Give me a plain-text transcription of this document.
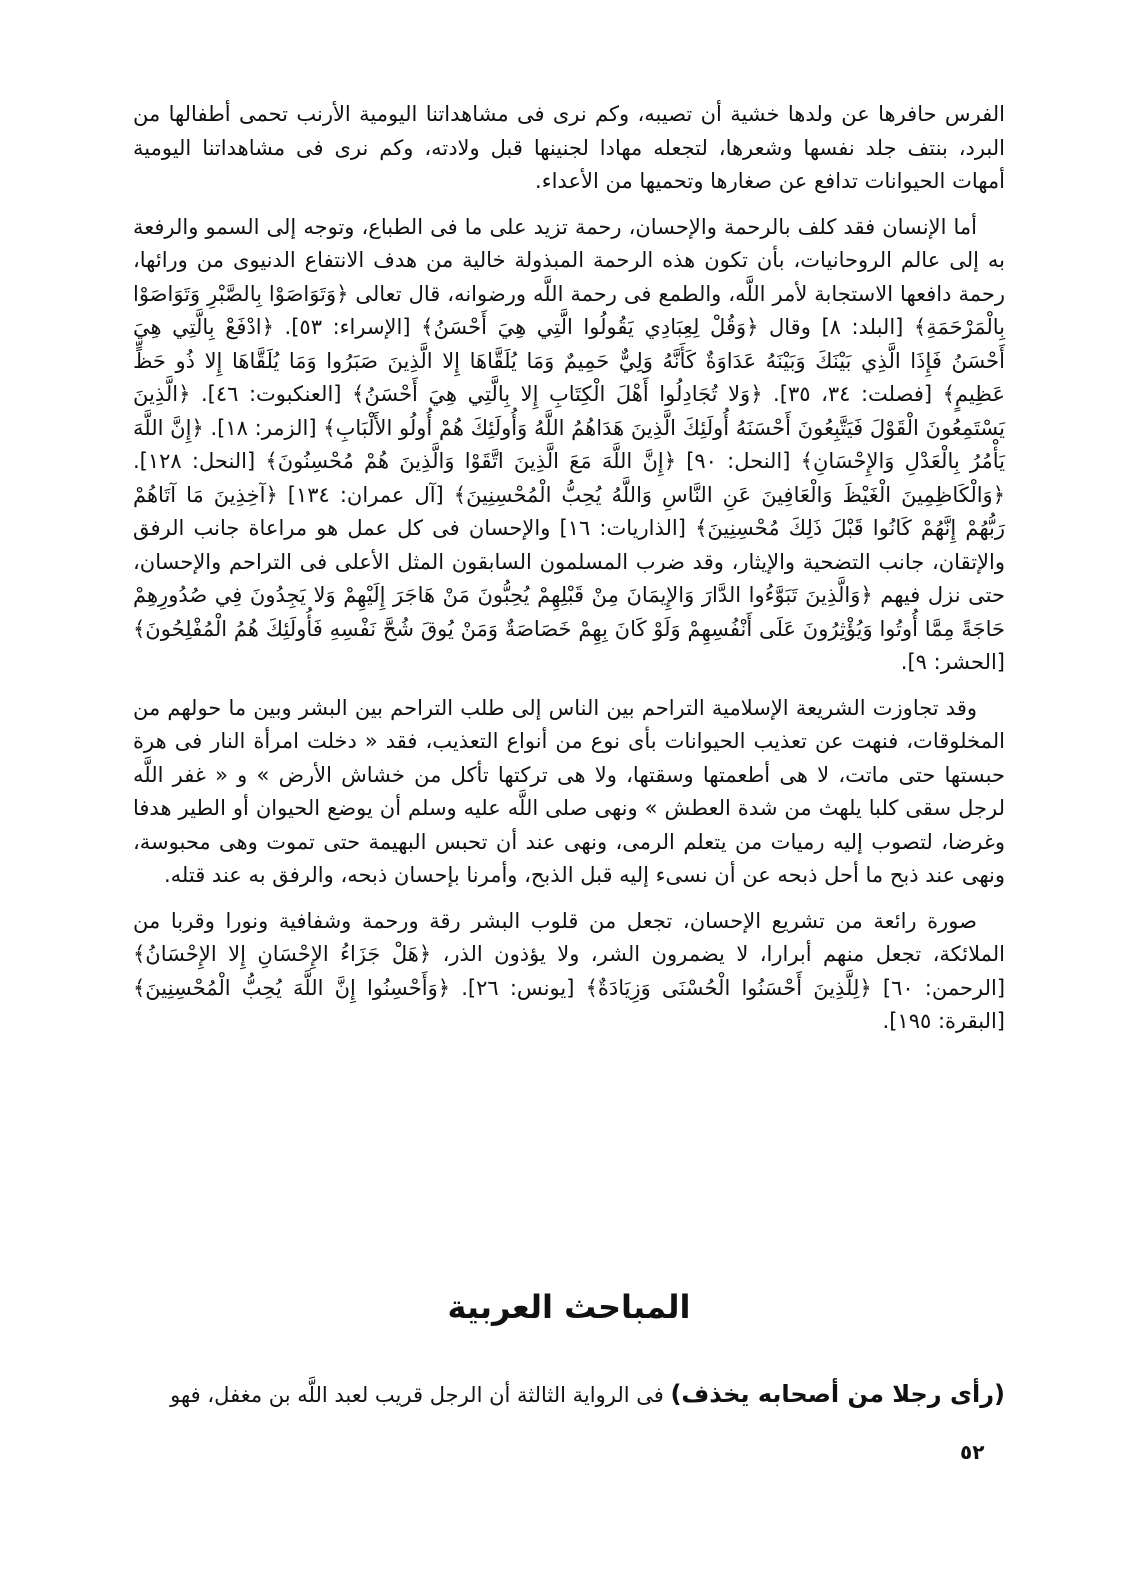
الفرس حافرها عن ولدها خشية أن تصيبه، وكم نرى فى مشاهداتنا اليومية الأرنب تحمى أطفالها من البرد، بنتف جلد نفسها وشعرها، لتجعله مهادا لجنينها قبل ولادته، وكم نرى فى مشاهداتنا اليومية أمهات الحيوانات تدافع عن صغارها وتحميها من الأعداء.

أما الإنسان فقد كلف بالرحمة والإحسان، رحمة تزيد على ما فى الطباع، وتوجه إلى السمو والرفعة به إلى عالم الروحانيات، بأن تكون هذه الرحمة المبذولة خالية من هدف الانتفاع الدنيوى من ورائها، رحمة دافعها الاستجابة لأمر اللَّه، والطمع فى رحمة اللَّه ورضوانه، قال تعالى ﴿وَتَوَاصَوْا بِالصَّبْرِ وَتَوَاصَوْا بِالْمَرْحَمَةِ﴾ [البلد: ٨] وقال ﴿وَقُلْ لِعِبَادِي يَقُولُوا الَّتِي هِيَ أَحْسَنُ﴾ [الإسراء: ٥٣]. ﴿ادْفَعْ بِالَّتِي هِيَ أَحْسَنُ فَإِذَا الَّذِي بَيْنَكَ وَبَيْنَهُ عَدَاوَةٌ كَأَنَّهُ وَلِيٌّ حَمِيمٌ وَمَا يُلَقَّاهَا إِلا الَّذِينَ صَبَرُوا وَمَا يُلَقَّاهَا إِلا ذُو حَظٍّ عَظِيمٍ﴾ [فصلت: ٣٤، ٣٥]. ﴿وَلا تُجَادِلُوا أَهْلَ الْكِتَابِ إِلا بِالَّتِي هِيَ أَحْسَنُ﴾ [العنكبوت: ٤٦]. ﴿الَّذِينَ يَسْتَمِعُونَ الْقَوْلَ فَيَتَّبِعُونَ أَحْسَنَهُ أُولَئِكَ الَّذِينَ هَدَاهُمُ اللَّهُ وَأُولَئِكَ هُمْ أُولُو الأَلْبَابِ﴾ [الزمر: ١٨]. ﴿إِنَّ اللَّهَ يَأْمُرُ بِالْعَدْلِ وَالإِحْسَانِ﴾ [النحل: ٩٠] ﴿إِنَّ اللَّهَ مَعَ الَّذِينَ اتَّقَوْا وَالَّذِينَ هُمْ مُحْسِنُونَ﴾ [النحل: ١٢٨]. ﴿وَالْكَاظِمِينَ الْغَيْظَ وَالْعَافِينَ عَنِ النَّاسِ وَاللَّهُ يُحِبُّ الْمُحْسِنِينَ﴾ [آل عمران: ١٣٤] ﴿آخِذِينَ مَا آتَاهُمْ رَبُّهُمْ إِنَّهُمْ كَانُوا قَبْلَ ذَلِكَ مُحْسِنِينَ﴾ [الذاريات: ١٦] والإحسان فى كل عمل هو مراعاة جانب الرفق والإتقان، جانب التضحية والإيثار، وقد ضرب المسلمون السابقون المثل الأعلى فى التراحم والإحسان، حتى نزل فيهم ﴿وَالَّذِينَ تَبَوَّءُوا الدَّارَ وَالإِيمَانَ مِنْ قَبْلِهِمْ يُحِبُّونَ مَنْ هَاجَرَ إِلَيْهِمْ وَلا يَجِدُونَ فِي صُدُورِهِمْ حَاجَةً مِمَّا أُوتُوا وَيُؤْثِرُونَ عَلَى أَنْفُسِهِمْ وَلَوْ كَانَ بِهِمْ خَصَاصَةٌ وَمَنْ يُوقَ شُحَّ نَفْسِهِ فَأُولَئِكَ هُمُ الْمُفْلِحُونَ﴾ [الحشر: ٩].

وقد تجاوزت الشريعة الإسلامية التراحم بين الناس إلى طلب التراحم بين البشر وبين ما حولهم من المخلوقات، فنهت عن تعذيب الحيوانات بأى نوع من أنواع التعذيب، فقد « دخلت امرأة النار فى هرة حبستها حتى ماتت، لا هى أطعمتها وسقتها، ولا هى تركتها تأكل من خشاش الأرض » و « غفر اللَّه لرجل سقى كلبا يلهث من شدة العطش » ونهى صلى اللَّه عليه وسلم أن يوضع الحيوان أو الطير هدفا وغرضا، لتصوب إليه رميات من يتعلم الرمى، ونهى عند أن تحبس البهيمة حتى تموت وهى محبوسة، ونهى عند ذبح ما أحل ذبحه عن أن نسىء إليه قبل الذبح، وأمرنا بإحسان ذبحه، والرفق به عند قتله.

صورة رائعة من تشريع الإحسان، تجعل من قلوب البشر رقة ورحمة وشفافية ونورا وقربا من الملائكة، تجعل منهم أبرارا، لا يضمرون الشر، ولا يؤذون الذر، ﴿هَلْ جَزَاءُ الإِحْسَانِ إِلا الإِحْسَانُ﴾ [الرحمن: ٦٠] ﴿لِلَّذِينَ أَحْسَنُوا الْحُسْنَى وَزِيَادَةٌ﴾ [يونس: ٢٦]. ﴿وَأَحْسِنُوا إِنَّ اللَّهَ يُحِبُّ الْمُحْسِنِينَ﴾ [البقرة: ١٩٥].

المباحث العربية
(رأى رجلا من أصحابه يخذف) فى الرواية الثالثة أن الرجل قريب لعبد اللَّه بن مغفل، فهو
٥٢
